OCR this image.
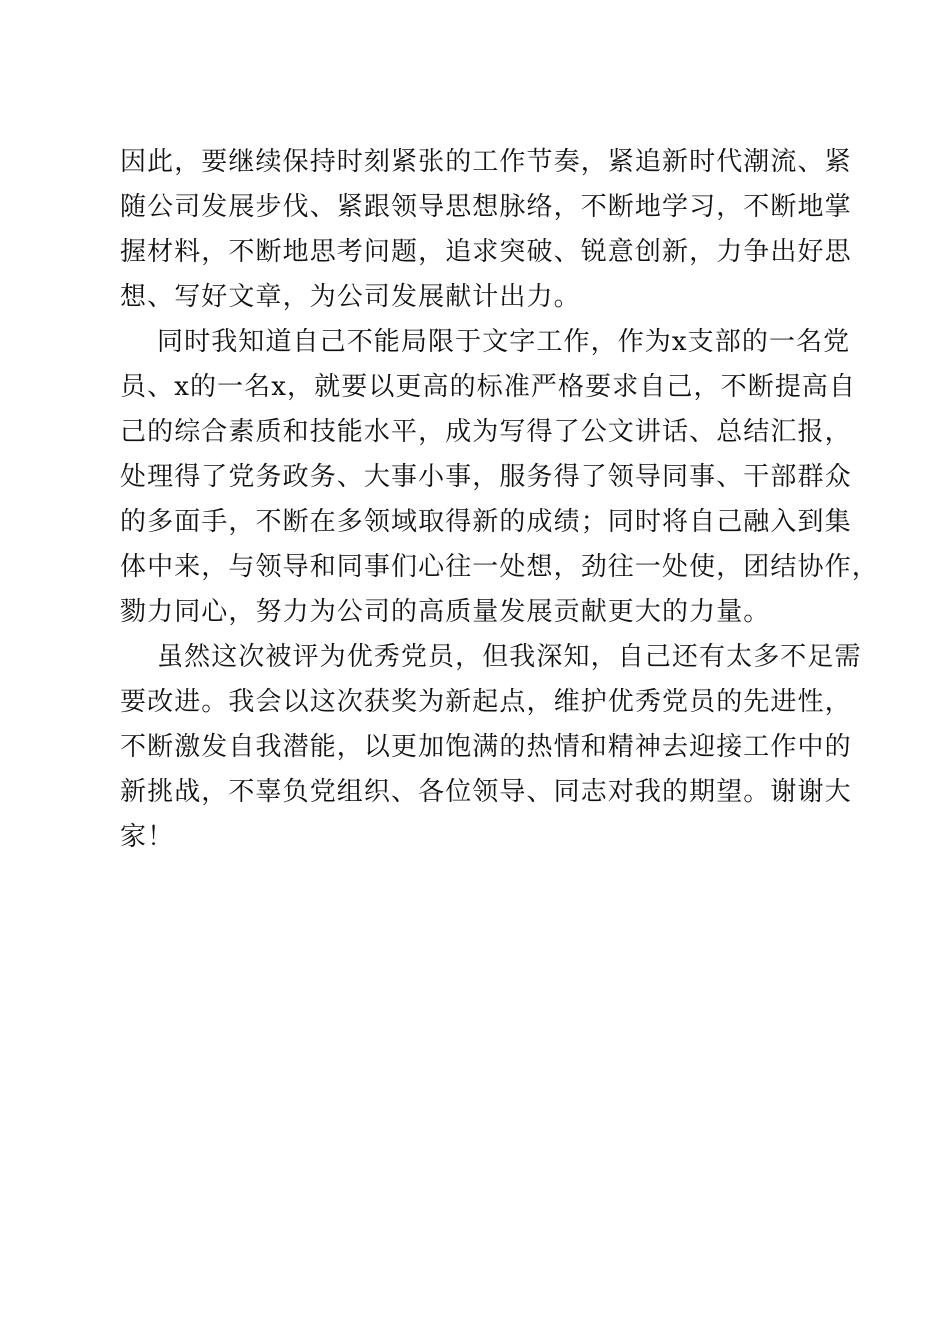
因此，要继续保持时刻紧张的工作节奏，紧追新时代潮流、紧
随公司发展步伐、紧跟领导思想脉络，不断地学习，不断地掌
握材料，不断地思考问题，追求突破、锐意创新，力争出好思
想、写好文章，为公司发展献计出力。
同时我知道自己不能局限于文字工作，作为x支部的一名党
员、x的一名x，就要以更高的标准严格要求自己，不断提高自
己的综合素质和技能水平，成为写得了公文讲话、总结汇报，
处理得了党务政务、大事小事，服务得了领导同事、干部群众
的多面手，不断在多领域取得新的成绩；同时将自己融入到集
体中来，与领导和同事们心往一处想，劲往一处使，团结协作，
勠力同心，努力为公司的高质量发展贡献更大的力量。
虽然这次被评为优秀党员，但我深知，自己还有太多不足需
要改进。我会以这次获奖为新起点，维护优秀党员的先进性，
不断激发自我潜能，以更加饱满的热情和精神去迎接工作中的
新挑战，不辜负党组织、各位领导、同志对我的期望。谢谢大
家！
